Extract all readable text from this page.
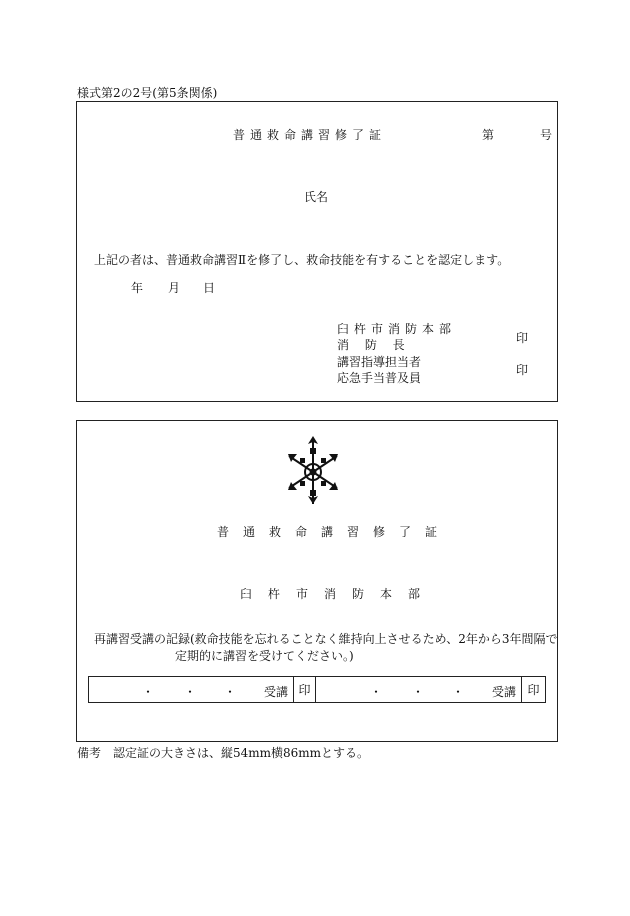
様式第2の2号(第5条関係)
普通救命講習修了証	第	号
氏名
上記の者は、普通救命講習Ⅱを修了し、救命技能を有することを認定します。
年 月 日
臼杵市消防本部
消 防 長	印
講習指導担当者
応急手当普及員
印
普通救命講習修了証
臼杵市消防本部
再講習受講の記録(救命技能を忘れることなく維持向上させるため、2年から3年間隔で
定期的に講習を受けてください。)
・ ・ ・ 受講	印	・ ・ ・ 受講	印
備考　認定証の大きさは、縦54mm横86mmとする。
